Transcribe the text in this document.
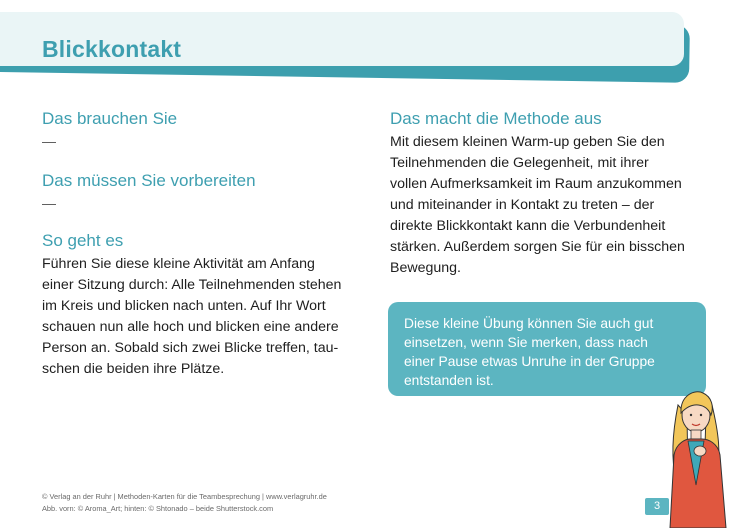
Blickkontakt
Das brauchen Sie

—

Das müssen Sie vorbereiten

—

So geht es
Führen Sie diese kleine Aktivität am Anfang
einer Sitzung durch: Alle Teilnehmenden stehen
im Kreis und blicken nach unten. Auf Ihr Wort
schauen nun alle hoch und blicken eine andere
Person an. Sobald sich zwei Blicke treffen, tau-
schen die beiden ihre Plätze.
Das macht die Methode aus
Mit diesem kleinen Warm-up geben Sie den
Teilnehmenden die Gelegenheit, mit ihrer
vollen Aufmerksamkeit im Raum anzukommen
und miteinander in Kontakt zu treten – der
direkte Blickkontakt kann die Verbundenheit
stärken. Außerdem sorgen Sie für ein bisschen
Bewegung.
Diese kleine Übung können Sie auch gut
einsetzen, wenn Sie merken, dass nach
einer Pause etwas Unruhe in der Gruppe
entstanden ist.

© Verlag an der Ruhr | Methoden-Karten für die Teambesprechung | www.verlagruhr.de

Abb. vorn: © Aroma_Art; hinten: © Shtonado – beide Shutterstock.com	3
